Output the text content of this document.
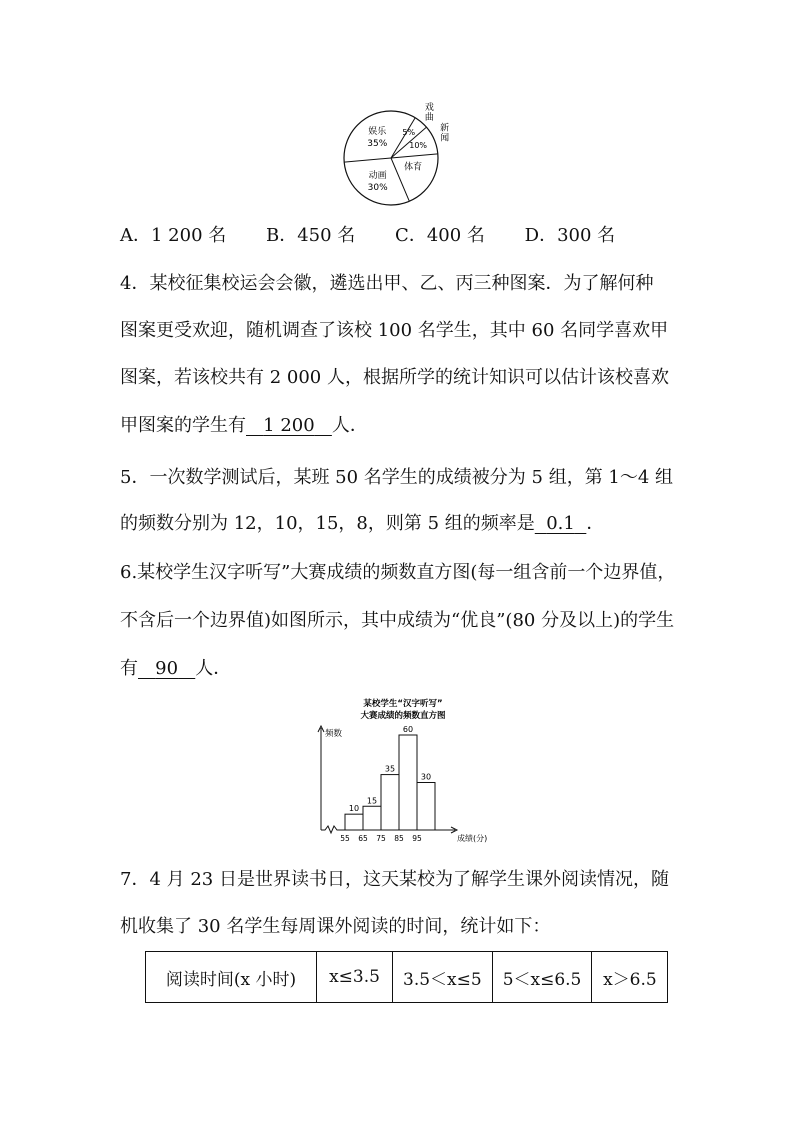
娱乐
35%
5%
戏
曲
10%
新
闻
体育
动画
30%
A．1 200 名 B．450 名 C．400 名 D．300 名
4．某校征集校运会会徽，遴选出甲、乙、丙三种图案．为了解何种
图案更受欢迎，随机调查了该校 100 名学生，其中 60 名同学喜欢甲
图案，若该校共有 2 000 人，根据所学的统计知识可以估计该校喜欢
甲图案的学生有 1 200 人．
5．一次数学测试后，某班 50 名学生的成绩被分为 5 组，第 1～4 组
的频数分别为 12，10，15，8，则第 5 组的频率是 0.1 ．
6.某校学生汉字听写”大赛成绩的频数直方图(每一组含前一个边界值，
不含后一个边界值)如图所示，其中成绩为“优良”(80 分及以上)的学生
有 90 人．
某校学生“汉字听写”
大赛成绩的频数直方图
频数
成绩(分)
10
15
35
60
30
55 65 75 85 95
7．4 月 23 日是世界读书日，这天某校为了解学生课外阅读情况，随
机收集了 30 名学生每周课外阅读的时间，统计如下：
阅读时间(x 小时)	x≤3.5	3.5＜x≤5	5＜x≤6.5	x＞6.5
